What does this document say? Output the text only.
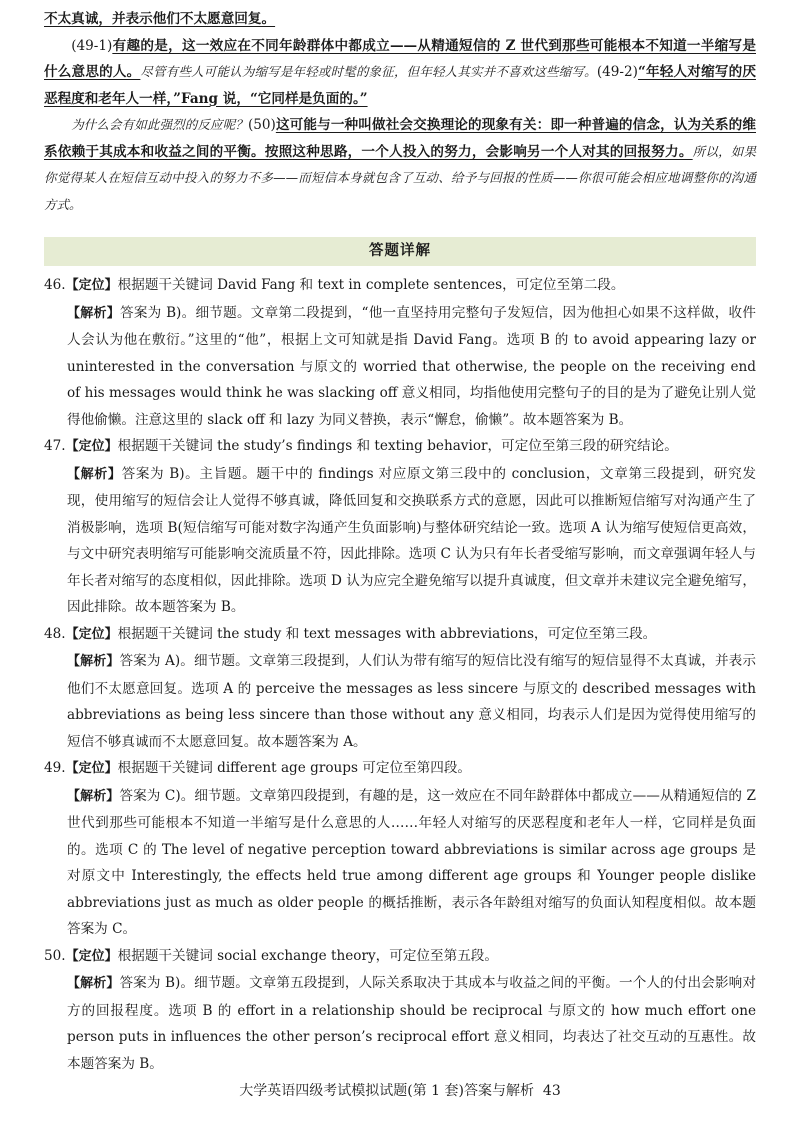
不太真诚，并表示他们不太愿意回复。

(49-1)有趣的是，这一效应在不同年龄群体中都成立——从精通短信的 Z 世代到那些可能根本不知道一半缩写是什么意思的人。尽管有些人可能认为缩写是年轻或时髦的象征，但年轻人其实并不喜欢这些缩写。(49-2)“年轻人对缩写的厌恶程度和老年人一样，”Fang 说，“它同样是负面的。”

为什么会有如此强烈的反应呢？(50)这可能与一种叫做社会交换理论的现象有关：即一种普遍的信念，认为关系的维系依赖于其成本和收益之间的平衡。按照这种思路，一个人投入的努力，会影响另一个人对其的回报努力。所以，如果你觉得某人在短信互动中投入的努力不多——而短信本身就包含了互动、给予与回报的性质——你很可能会相应地调整你的沟通方式。

答题详解

46.【定位】根据题干关键词 David Fang 和 text in complete sentences，可定位至第二段。

【解析】答案为 B)。细节题。文章第二段提到，“他一直坚持用完整句子发短信，因为他担心如果不这样做，收件人会认为他在敷衍。”这里的“他”，根据上文可知就是指 David Fang。选项 B 的 to avoid appearing lazy or uninterested in the conversation 与原文的 worried that otherwise, the people on the receiving end of his messages would think he was slacking off 意义相同，均指他使用完整句子的目的是为了避免让别人觉得他偷懒。注意这里的 slack off 和 lazy 为同义替换，表示“懈怠，偷懒”。故本题答案为 B。

47.【定位】根据题干关键词 the study’s findings 和 texting behavior，可定位至第三段的研究结论。

【解析】答案为 B)。主旨题。题干中的 findings 对应原文第三段中的 conclusion，文章第三段提到，研究发现，使用缩写的短信会让人觉得不够真诚，降低回复和交换联系方式的意愿，因此可以推断短信缩写对沟通产生了消极影响，选项 B(短信缩写可能对数字沟通产生负面影响)与整体研究结论一致。选项 A 认为缩写使短信更高效，与文中研究表明缩写可能影响交流质量不符，因此排除。选项 C 认为只有年长者受缩写影响，而文章强调年轻人与年长者对缩写的态度相似，因此排除。选项 D 认为应完全避免缩写以提升真诚度，但文章并未建议完全避免缩写，因此排除。故本题答案为 B。

48.【定位】根据题干关键词 the study 和 text messages with abbreviations，可定位至第三段。

【解析】答案为 A)。细节题。文章第三段提到，人们认为带有缩写的短信比没有缩写的短信显得不太真诚，并表示他们不太愿意回复。选项 A 的 perceive the messages as less sincere 与原文的 described messages with abbreviations as being less sincere than those without any 意义相同，均表示人们是因为觉得使用缩写的短信不够真诚而不太愿意回复。故本题答案为 A。

49.【定位】根据题干关键词 different age groups 可定位至第四段。

【解析】答案为 C)。细节题。文章第四段提到，有趣的是，这一效应在不同年龄群体中都成立——从精通短信的 Z 世代到那些可能根本不知道一半缩写是什么意思的人……年轻人对缩写的厌恶程度和老年人一样，它同样是负面的。选项 C 的 The level of negative perception toward abbreviations is similar across age groups 是对原文中 Interestingly, the effects held true among different age groups 和 Younger people dislike abbreviations just as much as older people 的概括推断，表示各年龄组对缩写的负面认知程度相似。故本题答案为 C。

50.【定位】根据题干关键词 social exchange theory，可定位至第五段。

【解析】答案为 B)。细节题。文章第五段提到，人际关系取决于其成本与收益之间的平衡。一个人的付出会影响对方的回报程度。选项 B 的 effort in a relationship should be reciprocal 与原文的 how much effort one person puts in influences the other person’s reciprocal effort 意义相同，均表达了社交互动的互惠性。故本题答案为 B。

大学英语四级考试模拟试题(第 1 套)答案与解析 43
